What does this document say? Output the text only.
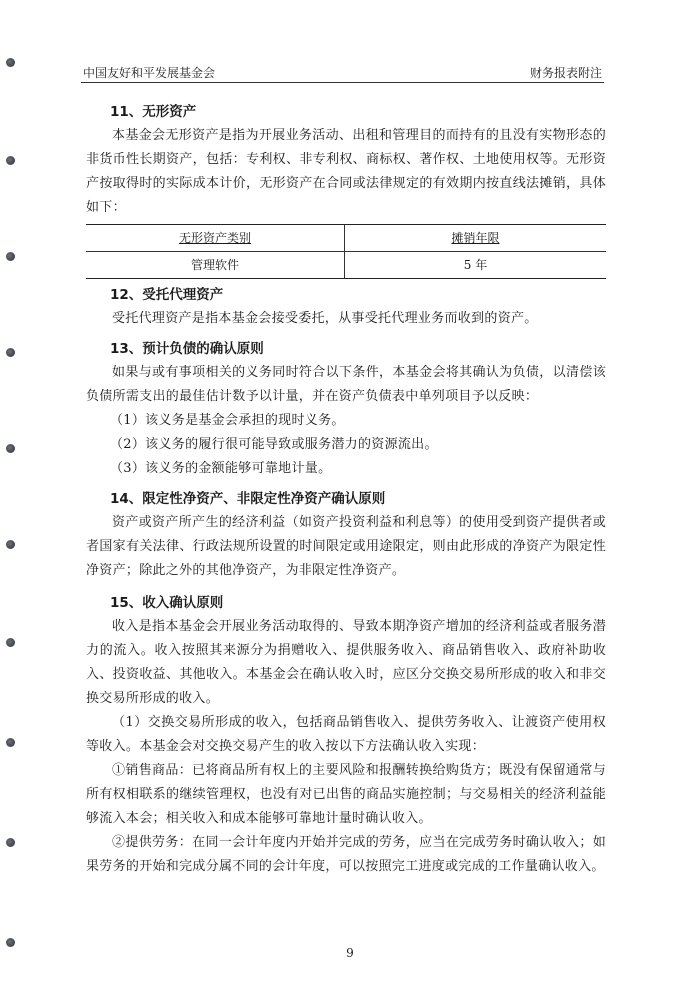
中国友好和平发展基金会	财务报表附注
11、无形资产

本基金会无形资产是指为开展业务活动、出租和管理目的而持有的且没有实物形态的非货币性长期资产，包括：专利权、非专利权、商标权、著作权、土地使用权等。无形资产按取得时的实际成本计价，无形资产在合同或法律规定的有效期内按直线法摊销，具体如下：

无形资产类别	摊销年限
管理软件	5 年
12、受托代理资产

受托代理资产是指本基金会接受委托，从事受托代理业务而收到的资产。

13、预计负债的确认原则

如果与或有事项相关的义务同时符合以下条件，本基金会将其确认为负债，以清偿该负债所需支出的最佳估计数予以计量，并在资产负债表中单列项目予以反映：

（1）该义务是基金会承担的现时义务。

（2）该义务的履行很可能导致或服务潜力的资源流出。

（3）该义务的金额能够可靠地计量。

14、限定性净资产、非限定性净资产确认原则

资产或资产所产生的经济利益（如资产投资利益和利息等）的使用受到资产提供者或者国家有关法律、行政法规所设置的时间限定或用途限定，则由此形成的净资产为限定性净资产；除此之外的其他净资产，为非限定性净资产。

15、收入确认原则

收入是指本基金会开展业务活动取得的、导致本期净资产增加的经济利益或者服务潜力的流入。收入按照其来源分为捐赠收入、提供服务收入、商品销售收入、政府补助收入、投资收益、其他收入。本基金会在确认收入时，应区分交换交易所形成的收入和非交换交易所形成的收入。

（1）交换交易所形成的收入，包括商品销售收入、提供劳务收入、让渡资产使用权等收入。本基金会对交换交易产生的收入按以下方法确认收入实现：

①销售商品：已将商品所有权上的主要风险和报酬转换给购货方；既没有保留通常与所有权相联系的继续管理权，也没有对已出售的商品实施控制；与交易相关的经济利益能够流入本会；相关收入和成本能够可靠地计量时确认收入。

②提供劳务：在同一会计年度内开始并完成的劳务，应当在完成劳务时确认收入；如果劳务的开始和完成分属不同的会计年度，可以按照完工进度或完成的工作量确认收入。

9
